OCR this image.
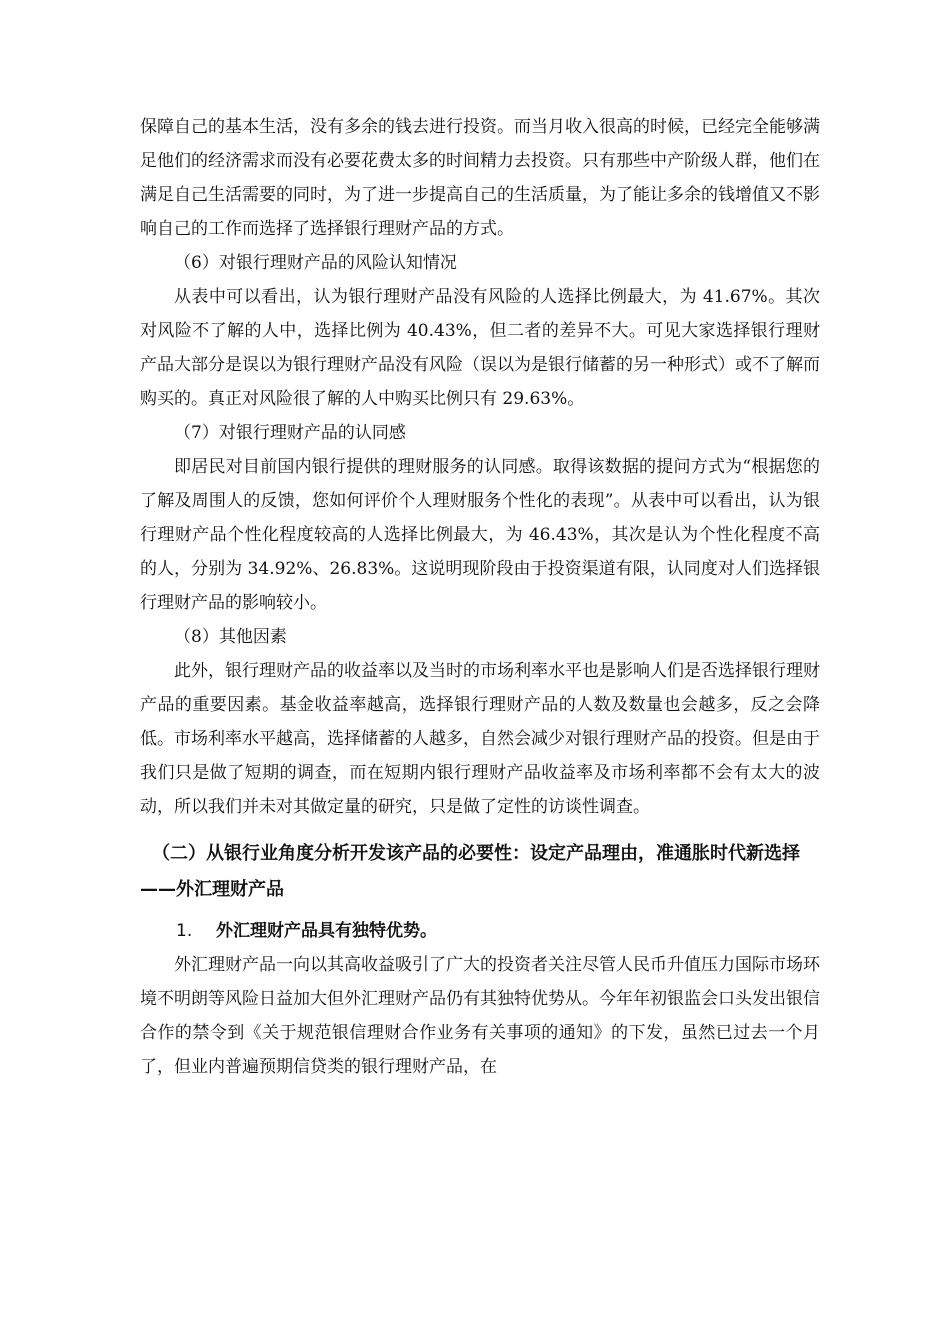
保障自己的基本生活，没有多余的钱去进行投资。而当月收入很高的时候，已经完全能够满足他们的经济需求而没有必要花费太多的时间精力去投资。只有那些中产阶级人群，他们在满足自己生活需要的同时，为了进一步提高自己的生活质量，为了能让多余的钱增值又不影响自己的工作而选择了选择银行理财产品的方式。

（6）对银行理财产品的风险认知情况

从表中可以看出，认为银行理财产品没有风险的人选择比例最大，为 41.67%。其次对风险不了解的人中，选择比例为 40.43%，但二者的差异不大。可见大家选择银行理财产品大部分是误以为银行理财产品没有风险（误以为是银行储蓄的另一种形式）或不了解而购买的。真正对风险很了解的人中购买比例只有 29.63%。

（7）对银行理财产品的认同感

即居民对目前国内银行提供的理财服务的认同感。取得该数据的提问方式为“根据您的了解及周围人的反馈，您如何评价个人理财服务个性化的表现”。从表中可以看出，认为银行理财产品个性化程度较高的人选择比例最大，为 46.43%，其次是认为个性化程度不高的人，分别为 34.92%、26.83%。这说明现阶段由于投资渠道有限，认同度对人们选择银行理财产品的影响较小。

（8）其他因素

此外，银行理财产品的收益率以及当时的市场利率水平也是影响人们是否选择银行理财产品的重要因素。基金收益率越高，选择银行理财产品的人数及数量也会越多，反之会降低。市场利率水平越高，选择储蓄的人越多，自然会减少对银行理财产品的投资。但是由于我们只是做了短期的调查，而在短期内银行理财产品收益率及市场利率都不会有太大的波动，所以我们并未对其做定量的研究，只是做了定性的访谈性调查。

（二）从银行业角度分析开发该产品的必要性：设定产品理由，准通胀时代新选择——外汇理财产品
1. 外汇理财产品具有独特优势。

外汇理财产品一向以其高收益吸引了广大的投资者关注尽管人民币升值压力国际市场环境不明朗等风险日益加大但外汇理财产品仍有其独特优势从。今年年初银监会口头发出银信合作的禁令到《关于规范银信理财合作业务有关事项的通知》的下发，虽然已过去一个月了，但业内普遍预期信贷类的银行理财产品，在
